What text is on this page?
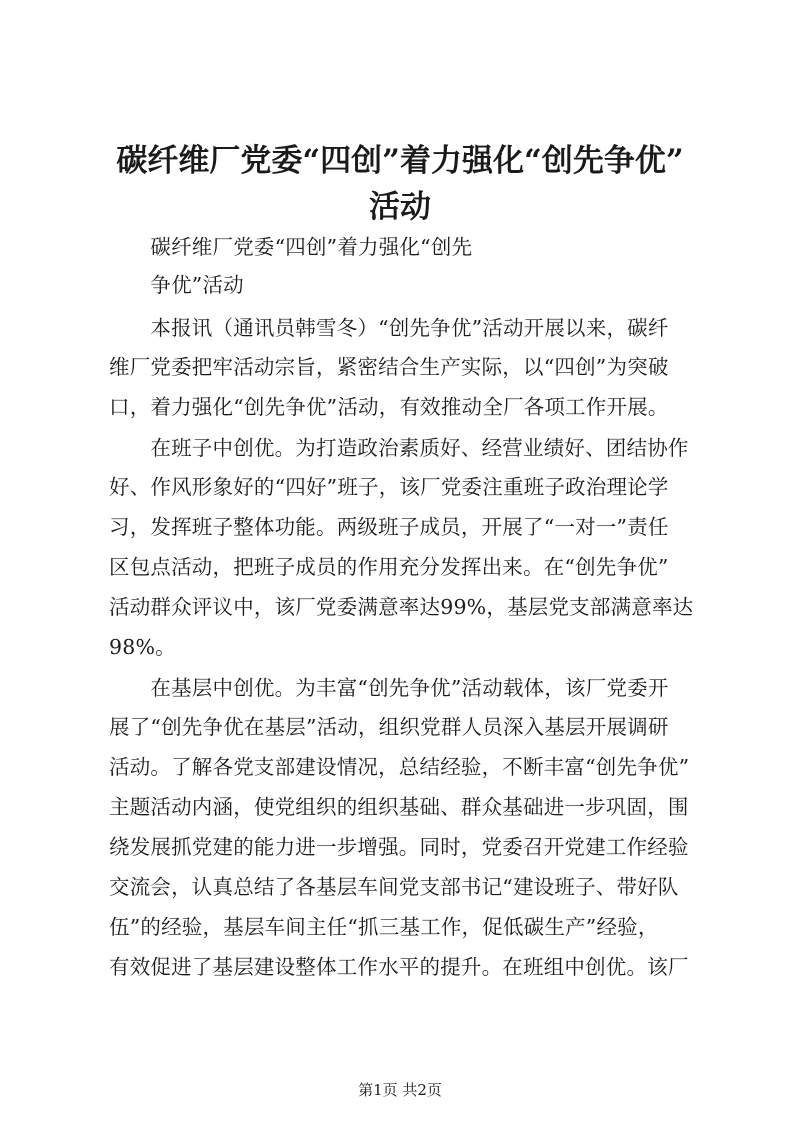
碳纤维厂党委“四创”着力强化“创先争优”
活动

　　碳纤维厂党委“四创”着力强化“创先

　　争优”活动

　　本报讯（通讯员韩雪冬）“创先争优”活动开展以来，碳纤

维厂党委把牢活动宗旨，紧密结合生产实际，以“四创”为突破

口，着力强化“创先争优”活动，有效推动全厂各项工作开展。

　　在班子中创优。为打造政治素质好、经营业绩好、团结协作

好、作风形象好的“四好”班子，该厂党委注重班子政治理论学

习，发挥班子整体功能。两级班子成员，开展了“一对一”责任

区包点活动，把班子成员的作用充分发挥出来。在“创先争优”

活动群众评议中，该厂党委满意率达99%，基层党支部满意率达

98%。

　　在基层中创优。为丰富“创先争优”活动载体，该厂党委开

展了“创先争优在基层”活动，组织党群人员深入基层开展调研

活动。了解各党支部建设情况，总结经验，不断丰富“创先争优”

主题活动内涵，使党组织的组织基础、群众基础进一步巩固，围

绕发展抓党建的能力进一步增强。同时，党委召开党建工作经验

交流会，认真总结了各基层车间党支部书记“建设班子、带好队

伍”的经验，基层车间主任“抓三基工作，促低碳生产”经验，

有效促进了基层建设整体工作水平的提升。在班组中创优。该厂

第1页 共2页
